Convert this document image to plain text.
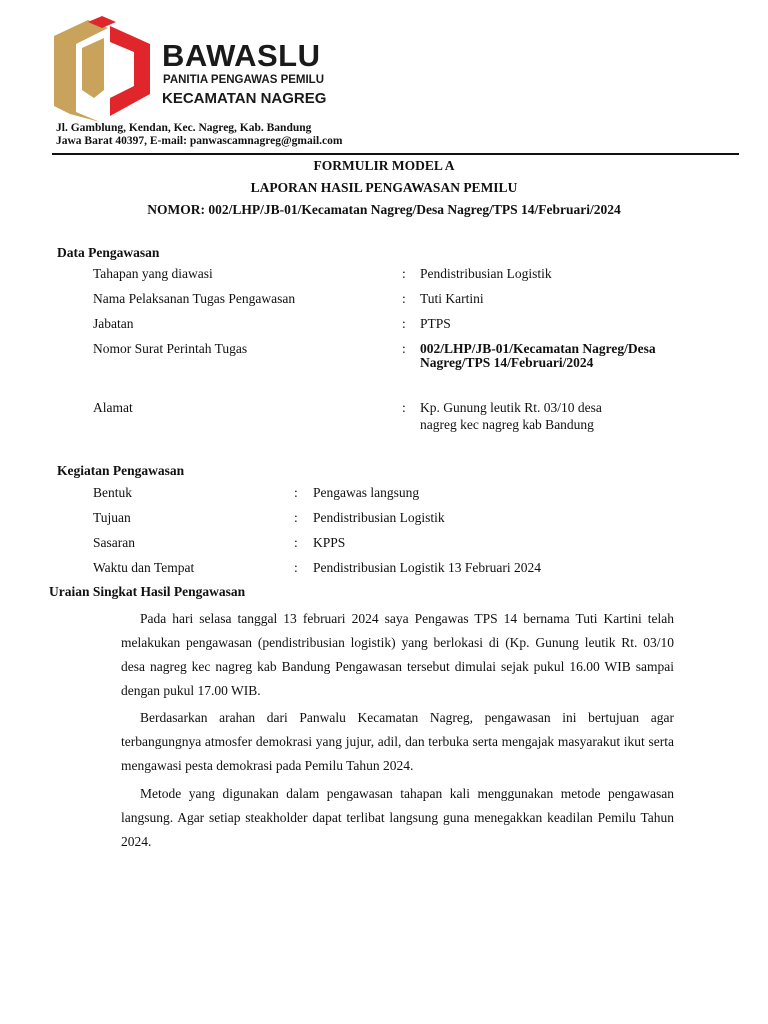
BAWASLU
PANITIA PENGAWAS PEMILU
KECAMATAN NAGREG
Jl. Gamblung, Kendan, Kec. Nagreg, Kab. Bandung
Jawa Barat 40397, E-mail: panwascamnagreg@gmail.com
FORMULIR MODEL A
LAPORAN HASIL PENGAWASAN PEMILU
NOMOR: 002/LHP/JB-01/Kecamatan Nagreg/Desa Nagreg/TPS 14/Februari/2024
Data Pengawasan
Tahapan yang diawasi	: Pendistribusian Logistik
Nama Pelaksanan Tugas Pengawasan	: Tuti Kartini
Jabatan	: PTPS
Nomor Surat Perintah Tugas	: 002/LHP/JB-01/Kecamatan Nagreg/Desa
Nagreg/TPS 14/Februari/2024
Alamat	: Kp. Gunung leutik Rt. 03/10 desa
nagreg kec nagreg kab Bandung
Kegiatan Pengawasan
Bentuk	: Pengawas langsung
Tujuan	: Pendistribusian Logistik
Sasaran	: KPPS
Waktu dan Tempat	: Pendistribusian Logistik 13 Februari 2024
Uraian Singkat Hasil Pengawasan

Pada hari selasa tanggal 13 februari 2024 saya Pengawas TPS 14 bernama Tuti Kartini telah melakukan pengawasan (pendistribusian logistik) yang berlokasi di (Kp. Gunung leutik Rt. 03/10 desa nagreg kec nagreg kab Bandung Pengawasan tersebut dimulai sejak pukul 16.00 WIB sampai dengan pukul 17.00 WIB.

Berdasarkan arahan dari Panwalu Kecamatan Nagreg, pengawasan ini bertujuan agar terbangungnya atmosfer demokrasi yang jujur, adil, dan terbuka serta mengajak masyarakut ikut serta mengawasi pesta demokrasi pada Pemilu Tahun 2024.

Metode yang digunakan dalam pengawasan tahapan kali menggunakan metode pengawasan langsung. Agar setiap steakholder dapat terlibat langsung guna menegakkan keadilan Pemilu Tahun 2024.
